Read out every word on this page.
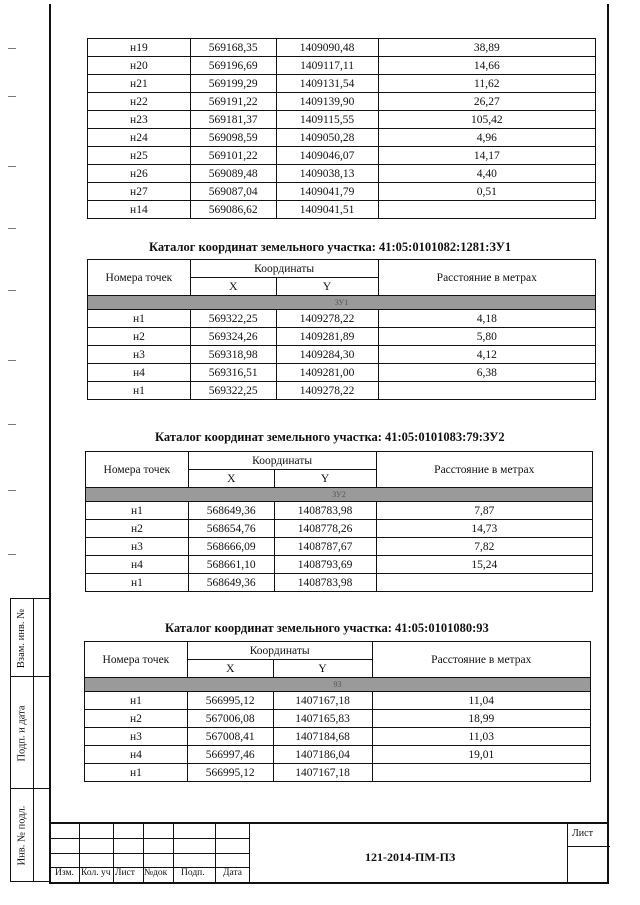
н19	569168,35	1409090,48	38,89
н20	569196,69	1409117,11	14,66
н21	569199,29	1409131,54	11,62
н22	569191,22	1409139,90	26,27
н23	569181,37	1409115,55	105,42
н24	569098,59	1409050,28	4,96
н25	569101,22	1409046,07	14,17
н26	569089,48	1409038,13	4,40
н27	569087,04	1409041,79	0,51
н14	569086,62	1409041,51	
Каталог координат земельного участка: 41:05:0101082:1281:ЗУ1
Номера точек	Координаты		Расстояние в метрах
	X	Y	
ЗУ1			
н1	569322,25	1409278,22	4,18
н2	569324,26	1409281,89	5,80
н3	569318,98	1409284,30	4,12
н4	569316,51	1409281,00	6,38
н1	569322,25	1409278,22	
Каталог координат земельного участка: 41:05:0101083:79:ЗУ2
Номера точек	Координаты		Расстояние в метрах
	X	Y	
ЗУ2			
н1	568649,36	1408783,98	7,87
н2	568654,76	1408778,26	14,73
н3	568666,09	1408787,67	7,82
н4	568661,10	1408793,69	15,24
н1	568649,36	1408783,98	
Каталог координат земельного участка: 41:05:0101080:93
Номера точек	Координаты		Расстояние в метрах
	X	Y	
93			
н1	566995,12	1407167,18	11,04
н2	567006,08	1407165,83	18,99
н3	567008,41	1407184,68	11,03
н4	566997,46	1407186,04	19,01
н1	566995,12	1407167,18	
Взам. инв. №
Подп. и дата
Инв. № подл.
Изм. Кол. уч Лист №док Подп. Дата
121-2014-ПМ-ПЗ
Лист
